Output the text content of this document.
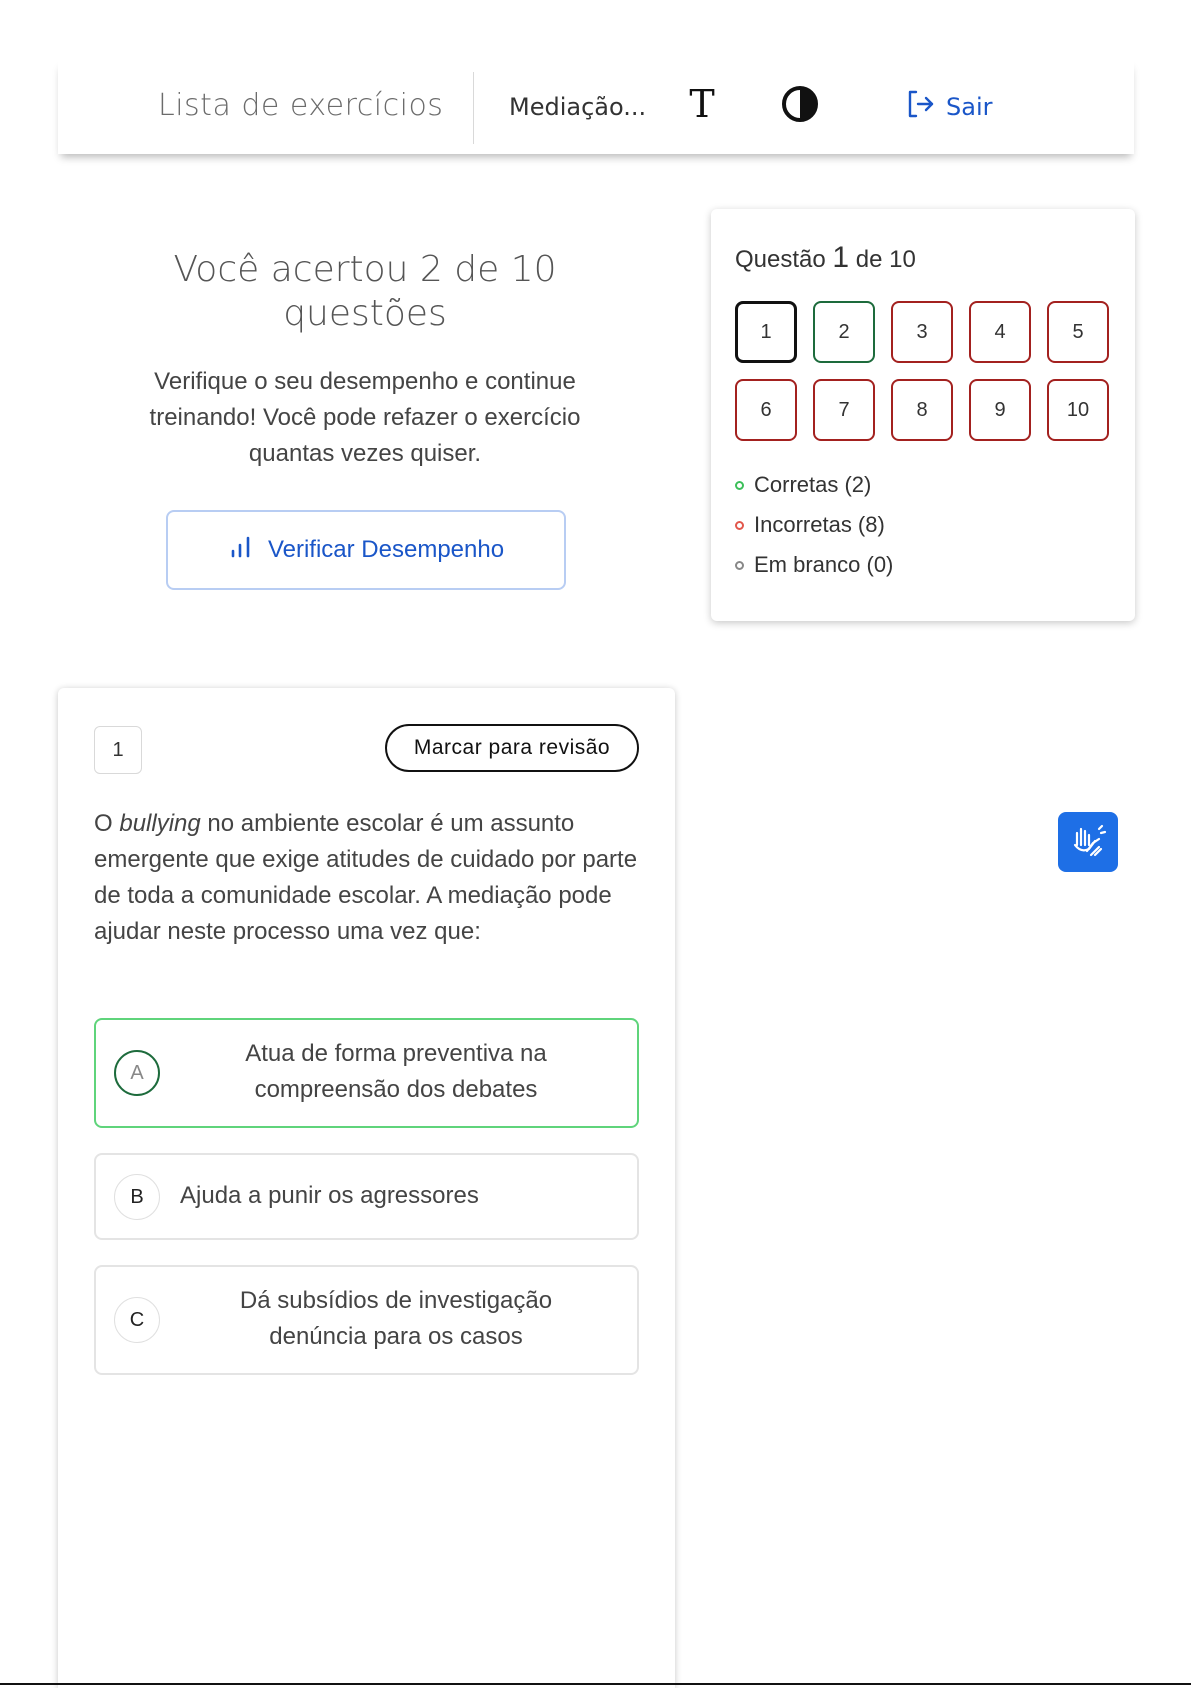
Lista de exercícios	Mediação... T	Sair
Você acertou 2 de 10 questões
Verifique o seu desempenho e continue treinando! Você pode refazer o exercício quantas vezes quiser.
Verificar Desempenho
Questão 1 de 10
1	2	3	4	5
6	7	8	9	10
Corretas (2)
Incorretas (8)
Em branco (0)
1	Marcar para revisão
O bullying no ambiente escolar é um assunto emergente que exige atitudes de cuidado por parte de toda a comunidade escolar. A mediação pode ajudar neste processo uma vez que:
A
Atua de forma preventiva na
compreensão dos debates
B	Ajuda a punir os agressores
C
Dá subsídios de investigação
denúncia para os casos
